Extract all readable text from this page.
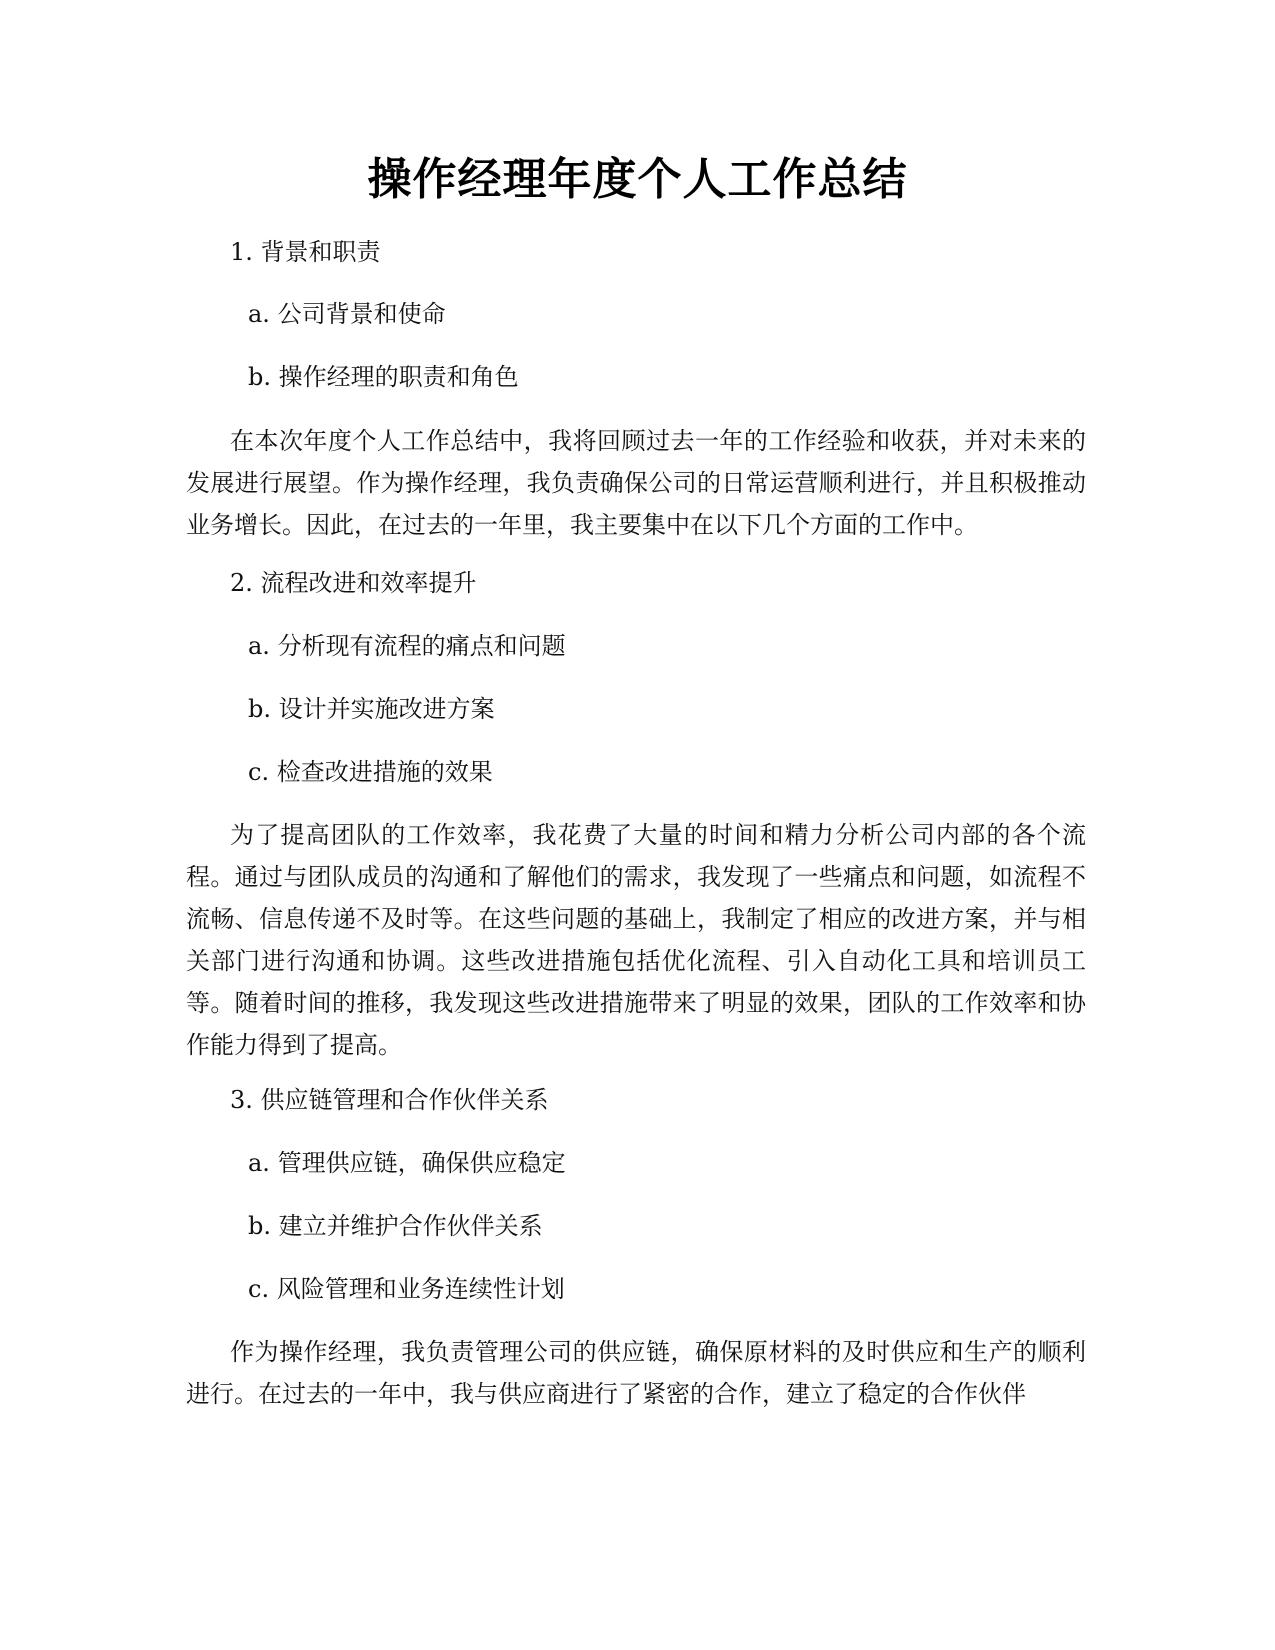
操作经理年度个人工作总结
1. 背景和职责
a. 公司背景和使命
b. 操作经理的职责和角色
在本次年度个人工作总结中，我将回顾过去一年的工作经验和收获，并对未来的发展进行展望。作为操作经理，我负责确保公司的日常运营顺利进行，并且积极推动业务增长。因此，在过去的一年里，我主要集中在以下几个方面的工作中。
2. 流程改进和效率提升
a. 分析现有流程的痛点和问题
b. 设计并实施改进方案
c. 检查改进措施的效果
为了提高团队的工作效率，我花费了大量的时间和精力分析公司内部的各个流程。通过与团队成员的沟通和了解他们的需求，我发现了一些痛点和问题，如流程不流畅、信息传递不及时等。在这些问题的基础上，我制定了相应的改进方案，并与相关部门进行沟通和协调。这些改进措施包括优化流程、引入自动化工具和培训员工等。随着时间的推移，我发现这些改进措施带来了明显的效果，团队的工作效率和协作能力得到了提高。
3. 供应链管理和合作伙伴关系
a. 管理供应链，确保供应稳定
b. 建立并维护合作伙伴关系
c. 风险管理和业务连续性计划
作为操作经理，我负责管理公司的供应链，确保原材料的及时供应和生产的顺利进行。在过去的一年中，我与供应商进行了紧密的合作，建立了稳定的合作伙伴
